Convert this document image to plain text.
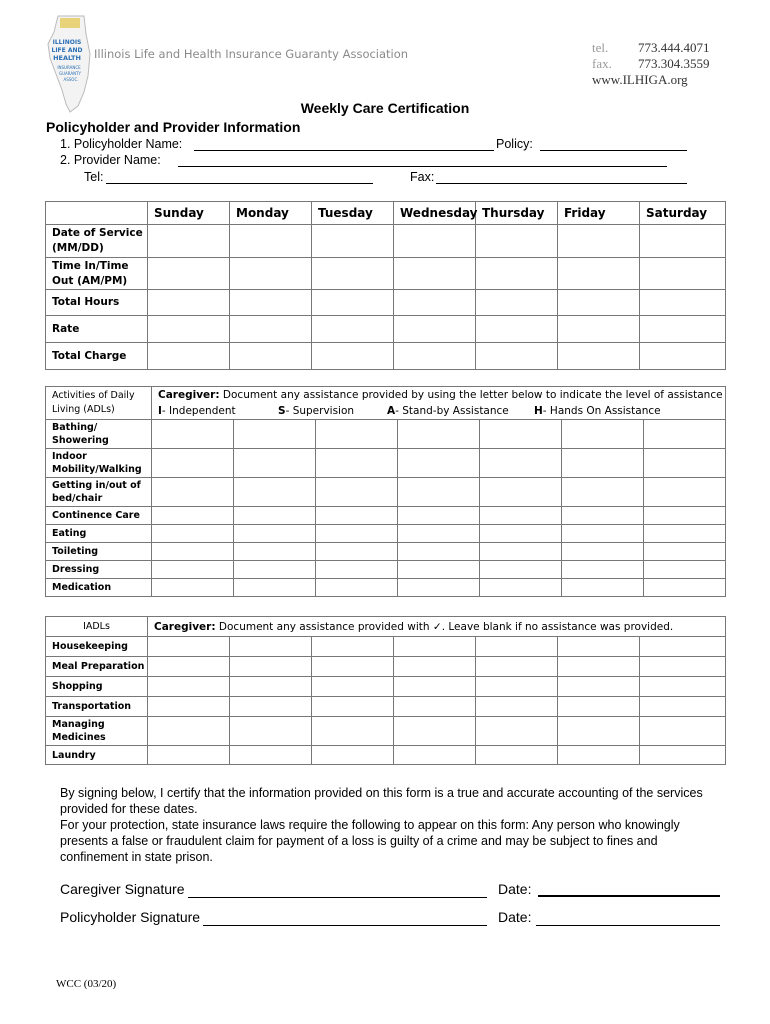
ILLINOIS
LIFE AND
HEALTH
INSURANCE
GUARANTY
ASSOC.
Illinois Life and Health Insurance Guaranty Association	tel. 773.444.4071
fax. 773.304.3559
www.ILHIGA.org
Weekly Care Certification
Policyholder and Provider Information
1. Policyholder Name:	Policy:
2. Provider Name:
Tel:	Fax:
	Sunday	Monday	Tuesday	Wednesday	Thursday	Friday	Saturday
Date of Service (MM/DD)							
Time In/Time Out (AM/PM)							
Total Hours							
Rate							
Total Charge							
Activities of Daily Living (ADLs)	Caregiver: Document any assistance provided by using the letter below to indicate the level of assistance
I- Independent S- Supervision A- Stand-by Assistance H- Hands On Assistance						

Bathing/ Showering							
Indoor Mobility/Walking							
Getting in/out of bed/chair							
Continence Care							
Eating							
Toileting							
Dressing							
Medication							
IADLs	Caregiver: Document any assistance provided with ✓. Leave blank if no assistance was provided.						
Housekeeping							
Meal Preparation							
Shopping							
Transportation							
Managing Medicines							
Laundry							
By signing below, I certify that the information provided on this form is a true and accurate accounting of the services provided for these dates.
For your protection, state insurance laws require the following to appear on this form: Any person who knowingly presents a false or fraudulent claim for payment of a loss is guilty of a crime and may be subject to fines and confinement in state prison.
Caregiver Signature	Date:
Policyholder Signature	Date:
WCC (03/20)
